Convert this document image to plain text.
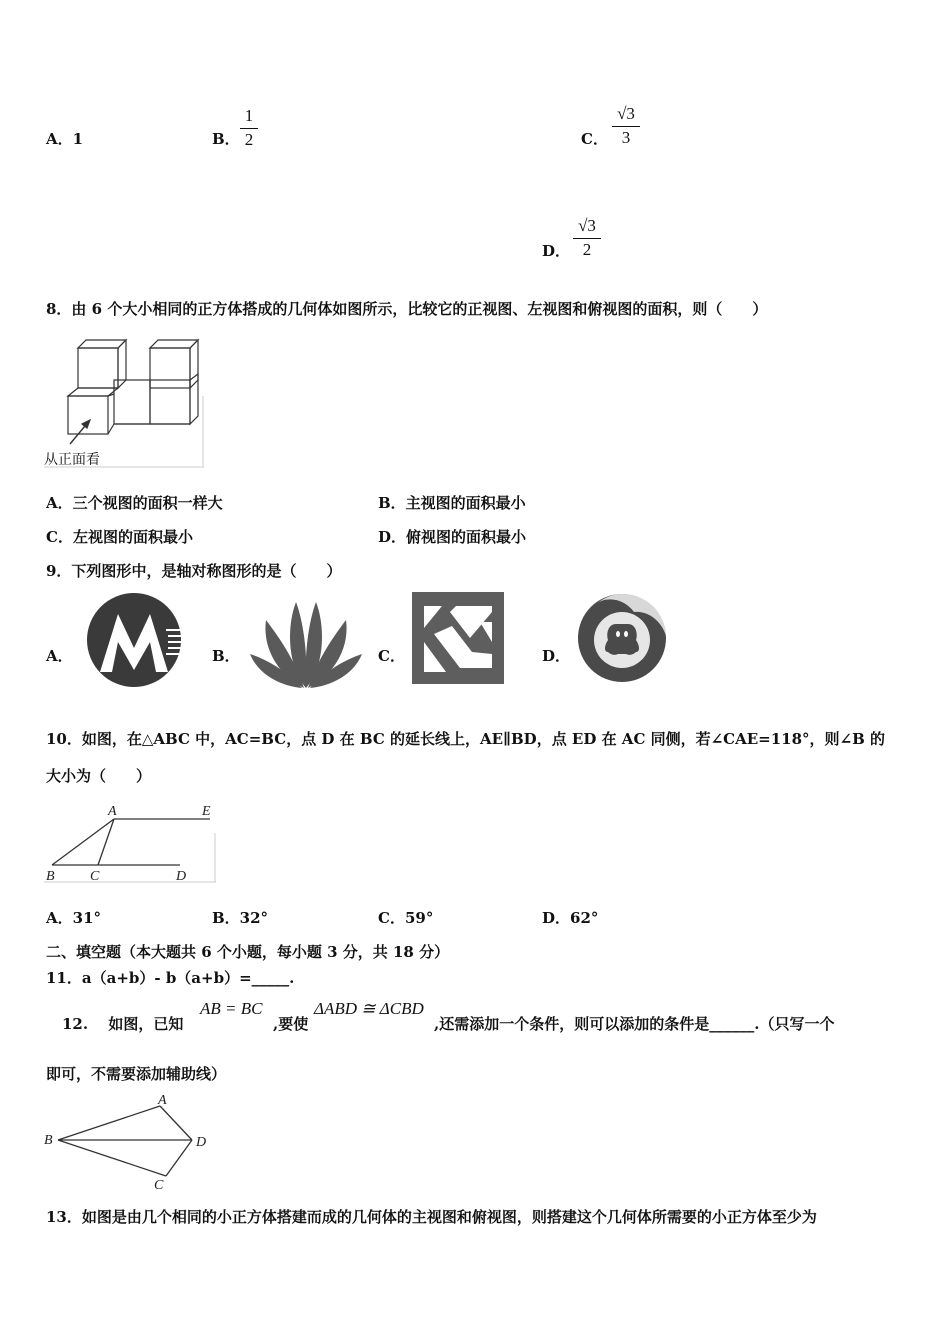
A．1	B． $\frac{1}{2}$	C． $\frac{√3}{3}$
D． $\frac{√3}{2}$
8．由 6 个大小相同的正方体搭成的几何体如图所示，比较它的正视图、左视图和俯视图的面积，则（　　）
从正面看
A．三个视图的面积一样大	B．主视图的面积最小
C．左视图的面积最小	D．俯视图的面积最小
9．下列图形中，是轴对称图形的是（　　）
A．	B．	C．	D．
10．如图，在△ABC 中，AC=BC，点 D 在 BC 的延长线上，AE∥BD，点 ED 在 AC 同侧，若∠CAE=118°，则∠B 的
大小为（　　）
A	E
B	C	D
A．31°	B．32°	C．59°	D．62°
二、填空题（本大题共 6 个小题，每小题 3 分，共 18 分）
11．a（a+b）- b（a+b）=_____.
12.　 如图，已知
AB = BC
,要使
ΔABD ≅ ΔCBD
,还需添加一个条件，则可以添加的条件是______.（只写一个
即可，不需要添加辅助线）
A
B	D
C
13．如图是由几个相同的小正方体搭建而成的几何体的主视图和俯视图，则搭建这个几何体所需要的小正方体至少为
